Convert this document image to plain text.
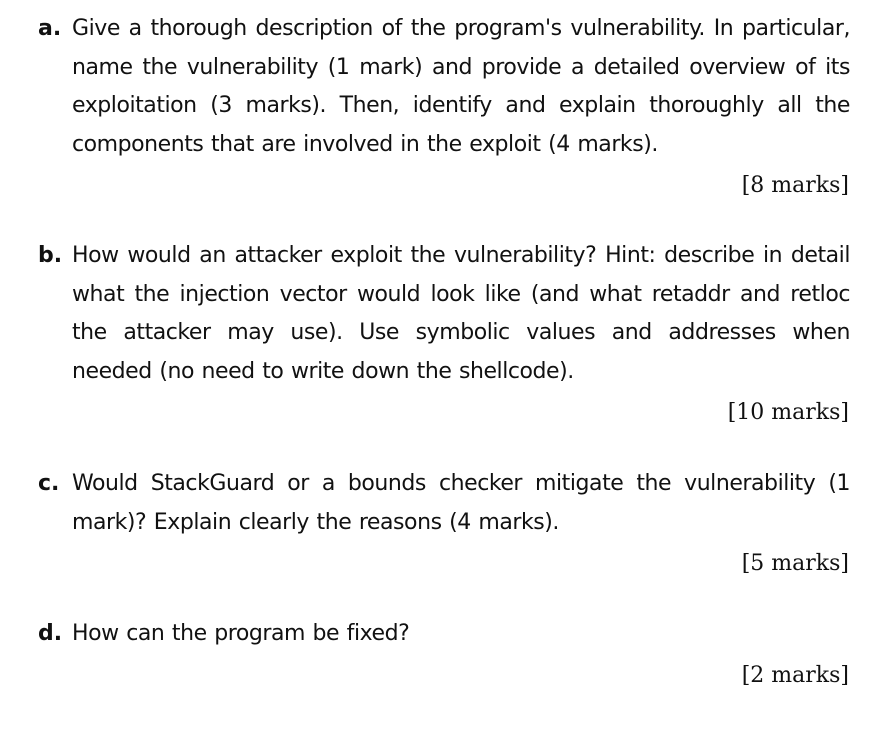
a. Give a thorough description of the program's vulnerability. In particular, name the vulnerability (1 mark) and provide a detailed overview of its exploitation (3 marks). Then, identify and explain thoroughly all the components that are involved in the exploit (4 marks).
[8 marks]
b. How would an attacker exploit the vulnerability? Hint: describe in detail what the injection vector would look like (and what retaddr and retloc the attacker may use). Use symbolic values and addresses when needed (no need to write down the shellcode).
[10 marks]
c. Would StackGuard or a bounds checker mitigate the vulnerability (1 mark)? Explain clearly the reasons (4 marks).
[5 marks]
d. How can the program be fixed?
[2 marks]
